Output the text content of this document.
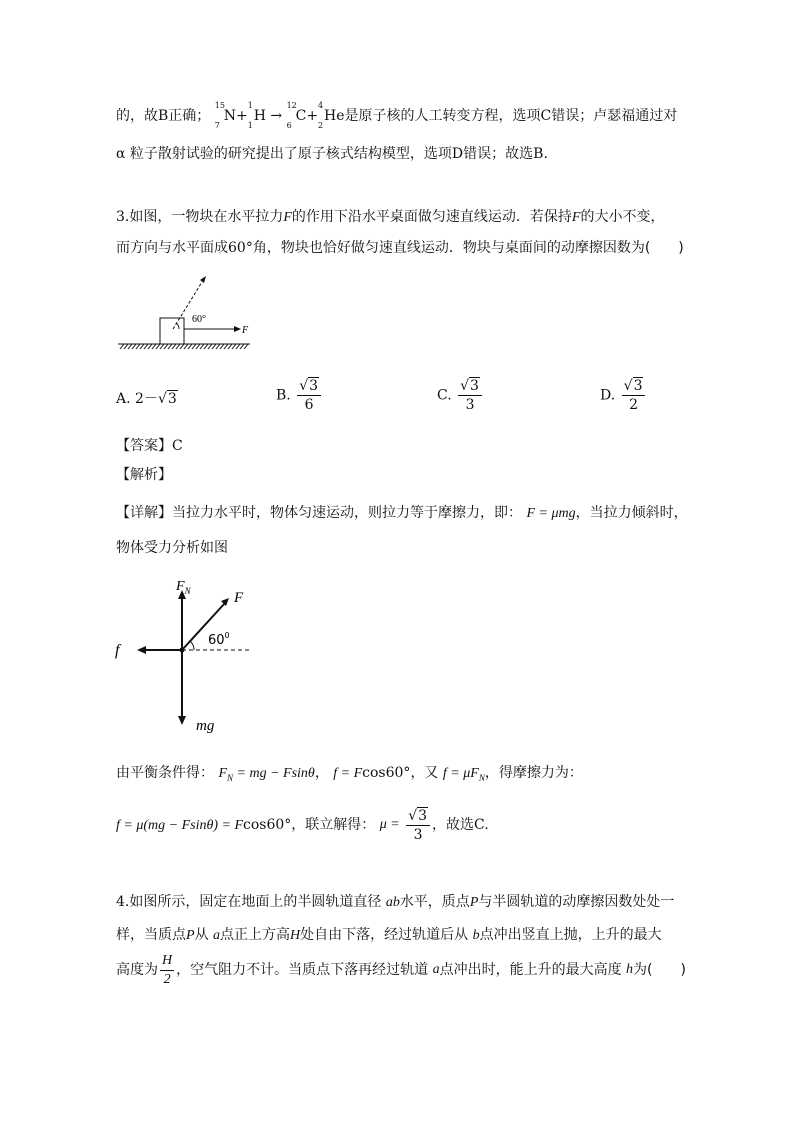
的，故B正确；
15
7
N+
1
1
H →
12
6
C+
4
2
He是原子核的人工转变方程，选项C错误；卢瑟福通过对
α 粒子散射试验的研究提出了原子核式结构模型，选项D错误；故选B.
3.如图，一物块在水平拉力F的作用下沿水平桌面做匀速直线运动．若保持F的大小不变，
而方向与水平面成60°角，物块也恰好做匀速直线运动．物块与桌面间的动摩擦因数为(　　)
60°
F
A. 2－√3	B. $\frac{√3}{6}$	C. $\frac{√3}{3}$	D. $\frac{√3}{2}$
【答案】C
【解析】
【详解】当拉力水平时，物体匀速运动，则拉力等于摩擦力，即： F = μmg，当拉力倾斜时，
物体受力分析如图
$F_N$	F
$60^0$
f
mg
由平衡条件得： $F_N$ = mg − Fsinθ， f = Fcos60°，又 $f = \mu F_N$，得摩擦力为：
f = μ(mg − Fsinθ) = Fcos60°，联立解得： $\mu = \frac{√3}{3}$ ，故选C.
4.如图所示，固定在地面上的半圆轨道直径 ab水平，质点P与半圆轨道的动摩擦因数处处一
样，当质点P从 a点正上方高H处自由下落，经过轨道后从 b点冲出竖直上抛，上升的最大
高度为 $\frac{H}{2}$ ，空气阻力不计。当质点下落再经过轨道 a点冲出时，能上升的最大高度 h为(　　)
